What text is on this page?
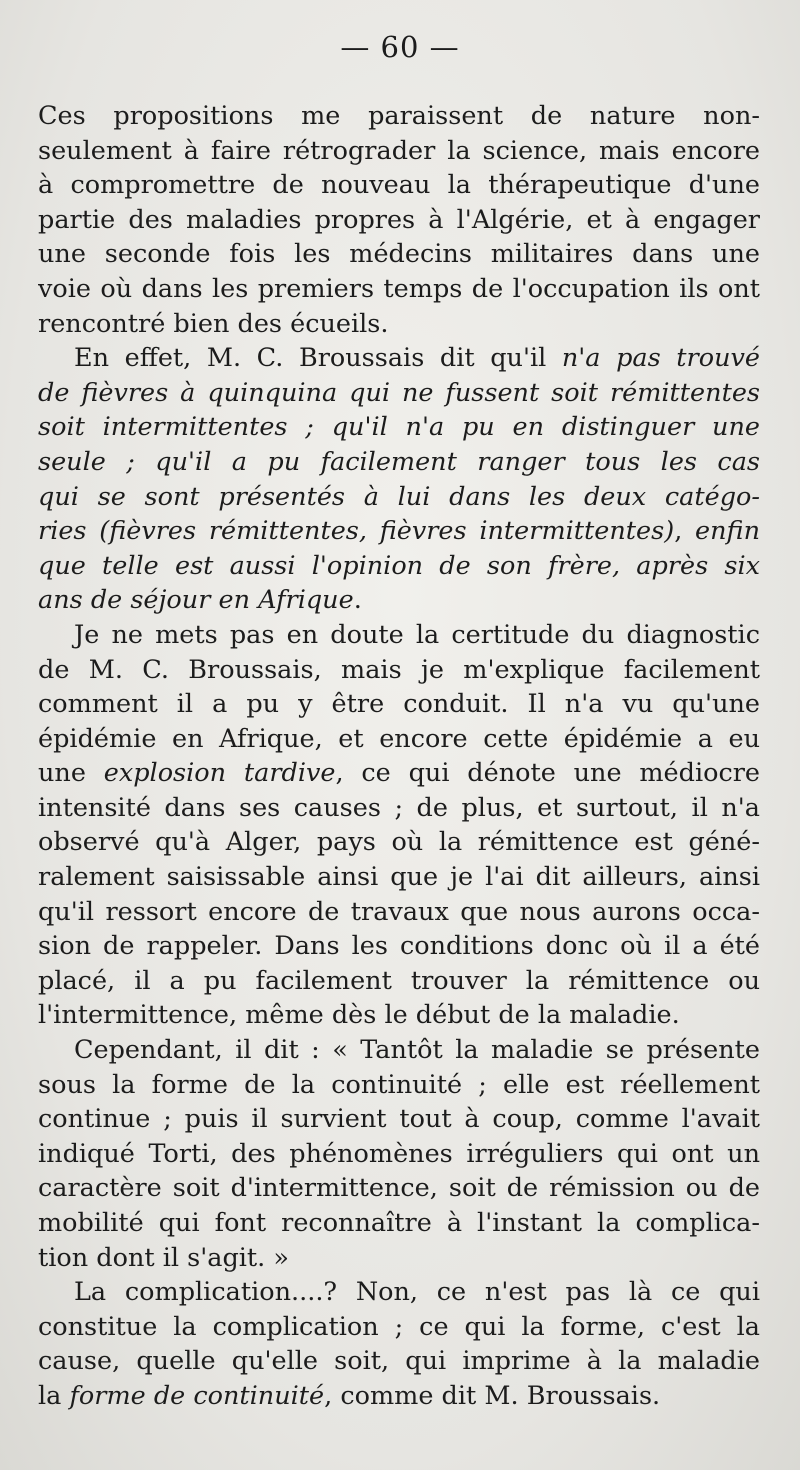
— 60 —
Ces propositions me paraissent de nature non-
seulement à faire rétrograder la science, mais encore
à compromettre de nouveau la thérapeutique d'une
partie des maladies propres à l'Algérie, et à engager
une seconde fois les médecins militaires dans une
voie où dans les premiers temps de l'occupation ils ont
rencontré bien des écueils.
En effet, M. C. Broussais dit qu'il n'a pas trouvé
de fièvres à quinquina qui ne fussent soit rémittentes
soit intermittentes ; qu'il n'a pu en distinguer une
seule ; qu'il a pu facilement ranger tous les cas
qui se sont présentés à lui dans les deux catégo-
ries (fièvres rémittentes, fièvres intermittentes), enfin
que telle est aussi l'opinion de son frère, après six
ans de séjour en Afrique.
Je ne mets pas en doute la certitude du diagnostic
de M. C. Broussais, mais je m'explique facilement
comment il a pu y être conduit. Il n'a vu qu'une
épidémie en Afrique, et encore cette épidémie a eu
une explosion tardive, ce qui dénote une médiocre
intensité dans ses causes ; de plus, et surtout, il n'a
observé qu'à Alger, pays où la rémittence est géné-
ralement saisissable ainsi que je l'ai dit ailleurs, ainsi
qu'il ressort encore de travaux que nous aurons occa-
sion de rappeler. Dans les conditions donc où il a été
placé, il a pu facilement trouver la rémittence ou
l'intermittence, même dès le début de la maladie.
Cependant, il dit : « Tantôt la maladie se présente
sous la forme de la continuité ; elle est réellement
continue ; puis il survient tout à coup, comme l'avait
indiqué Torti, des phénomènes irréguliers qui ont un
caractère soit d'intermittence, soit de rémission ou de
mobilité qui font reconnaître à l'instant la complica-
tion dont il s'agit. »
La complication....? Non, ce n'est pas là ce qui
constitue la complication ; ce qui la forme, c'est la
cause, quelle qu'elle soit, qui imprime à la maladie
la forme de continuité, comme dit M. Broussais.
